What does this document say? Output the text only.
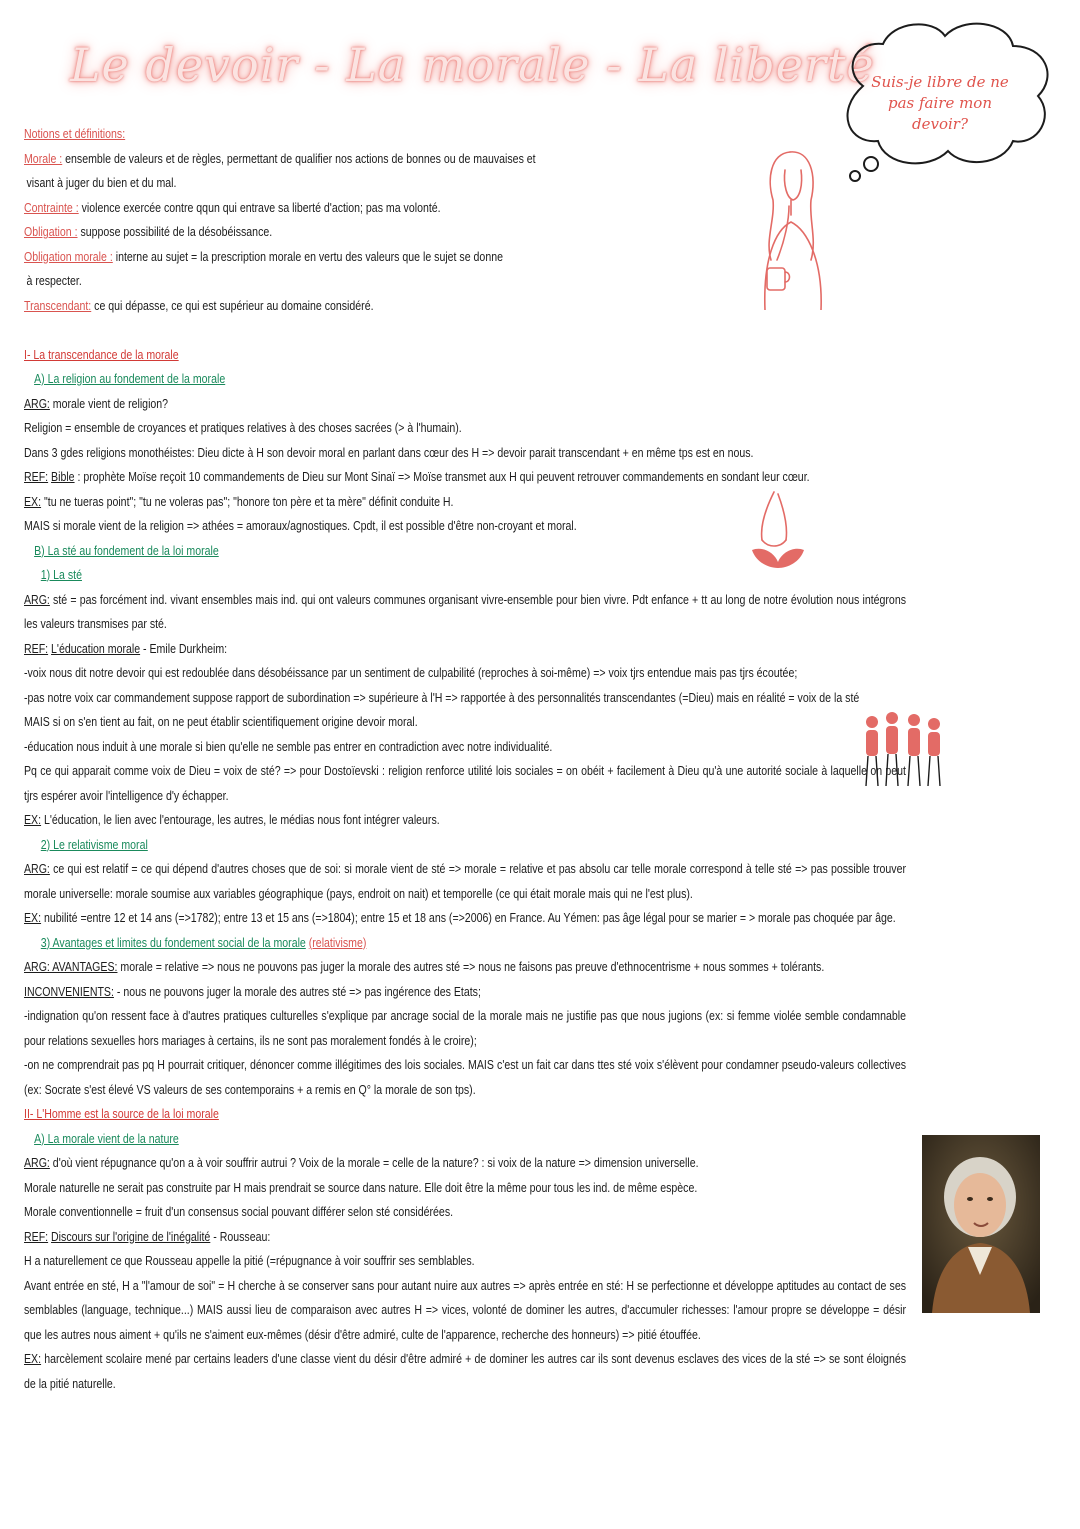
Le devoir - La morale - La liberté
Suis-je libre de ne
pas faire mon
devoir?

Notions et définitions:

Morale : ensemble de valeurs et de règles, permettant de qualifier nos actions de bonnes ou de mauvaises et

visant à juger du bien et du mal.

Contrainte : violence exercée contre qqun qui entrave sa liberté d'action; pas ma volonté.

Obligation : suppose possibilité de la désobéissance.

Obligation morale : interne au sujet = la prescription morale en vertu des valeurs que le sujet se donne

à respecter.

Transcendant: ce qui dépasse, ce qui est supérieur au domaine considéré.

I- La transcendance de la morale

A) La religion au fondement de la morale

ARG: morale vient de religion?

Religion = ensemble de croyances et pratiques relatives à des choses sacrées (> à l'humain).

Dans 3 gdes religions monothéistes: Dieu dicte à H son devoir moral en parlant dans cœur des H => devoir parait transcendant + en même tps est en nous.

REF: Bible : prophète Moïse reçoit 10 commandements de Dieu sur Mont Sinaï => Moïse transmet aux H qui peuvent retrouver commandements en sondant leur cœur.

EX: "tu ne tueras point"; "tu ne voleras pas"; "honore ton père et ta mère" définit conduite H.

MAIS si morale vient de la religion => athées = amoraux/agnostiques. Cpdt, il est possible d'être non-croyant et moral.

B) La sté au fondement de la loi morale

1) La sté

ARG: sté = pas forcément ind. vivant ensembles mais ind. qui ont valeurs communes organisant vivre-ensemble pour bien vivre. Pdt enfance + tt au long de notre évolution nous intégrons les valeurs transmises par sté.

REF: L'éducation morale - Emile Durkheim:

-voix nous dit notre devoir qui est redoublée dans désobéissance par un sentiment de culpabilité (reproches à soi-même) => voix tjrs entendue mais pas tjrs écoutée;

-pas notre voix car commandement suppose rapport de subordination => supérieure à l'H => rapportée à des personnalités transcendantes (=Dieu) mais en réalité = voix de la sté

MAIS si on s'en tient au fait, on ne peut établir scientifiquement origine devoir moral.

-éducation nous induit à une morale si bien qu'elle ne semble pas entrer en contradiction avec notre individualité.

Pq ce qui apparait comme voix de Dieu = voix de sté? => pour Dostoïevski : religion renforce utilité lois sociales = on obéit + facilement à Dieu qu'à une autorité sociale à laquelle on peut tjrs espérer avoir l'intelligence d'y échapper.

EX: L'éducation, le lien avec l'entourage, les autres, le médias nous font intégrer valeurs.

2) Le relativisme moral

ARG: ce qui est relatif = ce qui dépend d'autres choses que de soi: si morale vient de sté => morale = relative et pas absolu car telle morale correspond à telle sté => pas possible trouver morale universelle: morale soumise aux variables géographique (pays, endroit on nait) et temporelle (ce qui était morale mais qui ne l'est plus).

EX: nubilité =entre 12 et 14 ans (=>1782); entre 13 et 15 ans (=>1804); entre 15 et 18 ans (=>2006) en France. Au Yémen: pas âge légal pour se marier = > morale pas choquée par âge.

3) Avantages et limites du fondement social de la morale (relativisme)

ARG: AVANTAGES: morale = relative => nous ne pouvons pas juger la morale des autres sté => nous ne faisons pas preuve d'ethnocentrisme + nous sommes + tolérants.

INCONVENIENTS: - nous ne pouvons juger la morale des autres sté => pas ingérence des Etats;

-indignation qu'on ressent face à d'autres pratiques culturelles s'explique par ancrage social de la morale mais ne justifie pas que nous jugions (ex: si femme violée semble condamnable pour relations sexuelles hors mariages à certains, ils ne sont pas moralement fondés à le croire);

-on ne comprendrait pas pq H pourrait critiquer, dénoncer comme illégitimes des lois sociales. MAIS c'est un fait car dans ttes sté voix s'élèvent pour condamner pseudo-valeurs collectives (ex: Socrate s'est élevé VS valeurs de ses contemporains + a remis en Q° la morale de son tps).

II- L'Homme est la source de la loi morale

A) La morale vient de la nature

ARG: d'où vient répugnance qu'on a à voir souffrir autrui ? Voix de la morale = celle de la nature? : si voix de la nature => dimension universelle.

Morale naturelle ne serait pas construite par H mais prendrait se source dans nature. Elle doit être la même pour tous les ind. de même espèce.

Morale conventionnelle = fruit d'un consensus social pouvant différer selon sté considérées.

REF: Discours sur l'origine de l'inégalité - Rousseau:

H a naturellement ce que Rousseau appelle la pitié (=répugnance à voir souffrir ses semblables.

Avant entrée en sté, H a "l'amour de soi" = H cherche à se conserver sans pour autant nuire aux autres => après entrée en sté: H se perfectionne et développe aptitudes au contact de ses semblables (language, technique...) MAIS aussi lieu de comparaison avec autres H => vices, volonté de dominer les autres, d'accumuler richesses: l'amour propre se développe = désir que les autres nous aiment + qu'ils ne s'aiment eux-mêmes (désir d'être admiré, culte de l'apparence, recherche des honneurs) => pitié étouffée.

EX: harcèlement scolaire mené par certains leaders d'une classe vient du désir d'être admiré + de dominer les autres car ils sont devenus esclaves des vices de la sté => se sont éloignés de la pitié naturelle.
